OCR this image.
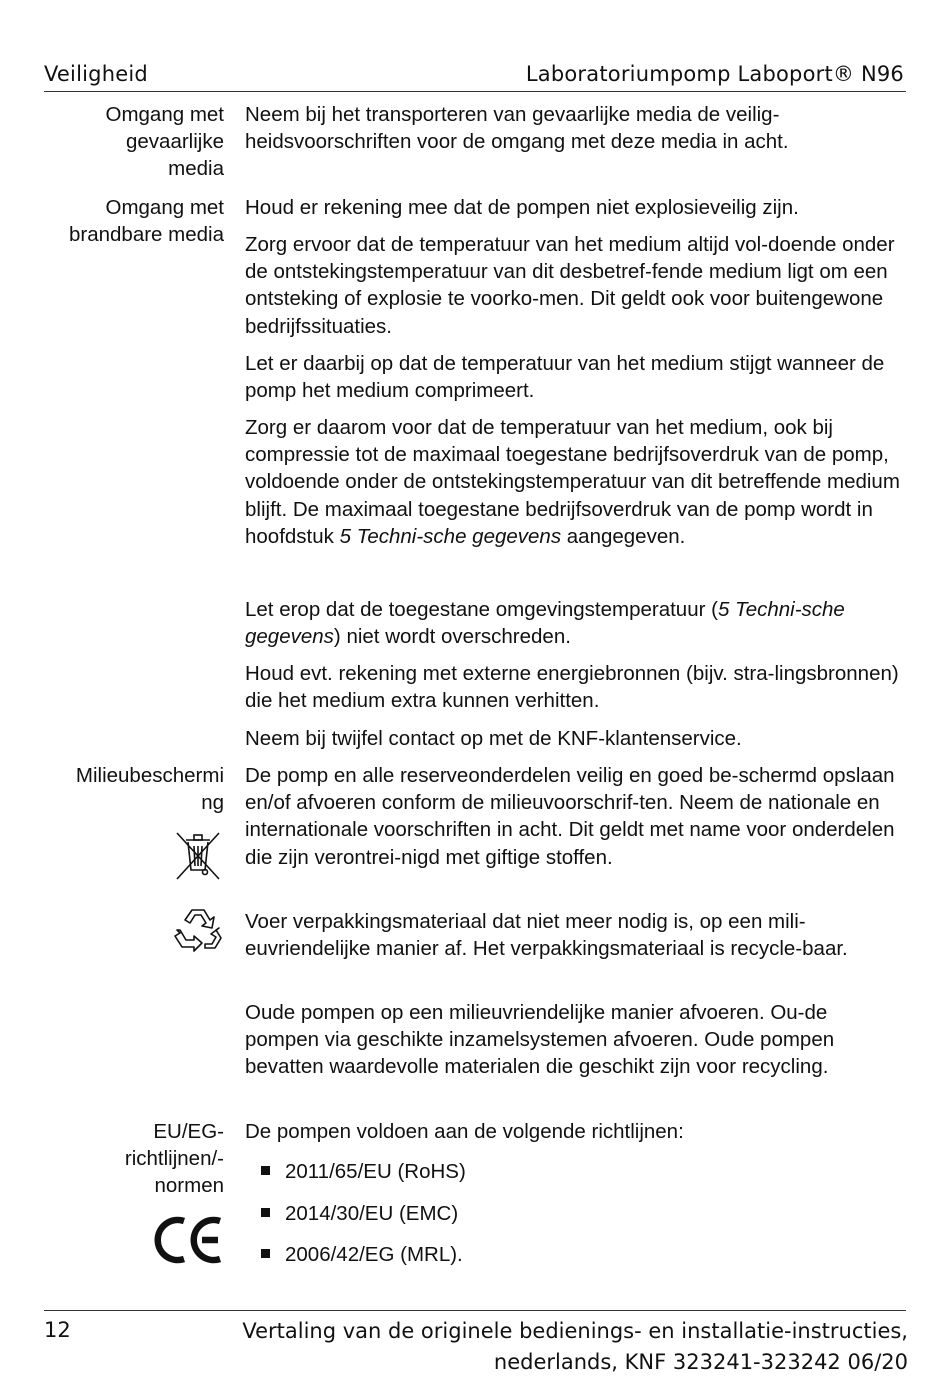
Veiligheid	Laboratoriumpomp Laboport® N96
Omgang met
gevaarlijke
media

Neem bij het transporteren van gevaarlijke media de veilig-heidsvoorschriften voor de omgang met deze media in acht.

Omgang met
brandbare media

Houd er rekening mee dat de pompen niet explosieveilig zijn.

Zorg ervoor dat de temperatuur van het medium altijd vol-doende onder de ontstekingstemperatuur van dit desbetref-fende medium ligt om een ontsteking of explosie te voorko-men. Dit geldt ook voor buitengewone bedrijfssituaties.

Let er daarbij op dat de temperatuur van het medium stijgt wanneer de pomp het medium comprimeert.

Zorg er daarom voor dat de temperatuur van het medium, ook bij compressie tot de maximaal toegestane bedrijfsoverdruk van de pomp, voldoende onder de ontstekingstemperatuur van dit betreffende medium blijft. De maximaal toegestane bedrijfsoverdruk van de pomp wordt in hoofdstuk 5 Techni-sche gegevens aangegeven.

Let erop dat de toegestane omgevingstemperatuur (5 Techni-sche gegevens) niet wordt overschreden.

Houd evt. rekening met externe energiebronnen (bijv. stra-lingsbronnen) die het medium extra kunnen verhitten.

Neem bij twijfel contact op met de KNF-klantenservice.

Milieubeschermi
ng

De pomp en alle reserveonderdelen veilig en goed be-schermd opslaan en/of afvoeren conform de milieuvoorschrif-ten. Neem de nationale en internationale voorschriften in acht. Dit geldt met name voor onderdelen die zijn verontrei-nigd met giftige stoffen.

Voer verpakkingsmateriaal dat niet meer nodig is, op een mili-euvriendelijke manier af. Het verpakkingsmateriaal is recycle-baar.

Oude pompen op een milieuvriendelijke manier afvoeren. Ou-de pompen via geschikte inzamelsystemen afvoeren. Oude pompen bevatten waardevolle materialen die geschikt zijn voor recycling.

EU/EG-
richtlijnen/-
normen

De pompen voldoen aan de volgende richtlijnen:

2011/65/EU (RoHS)
2014/30/EU (EMC)
2006/42/EG (MRL).
12	Vertaling van de originele bedienings- en installatie-instructies,
nederlands, KNF 323241-323242 06/20
